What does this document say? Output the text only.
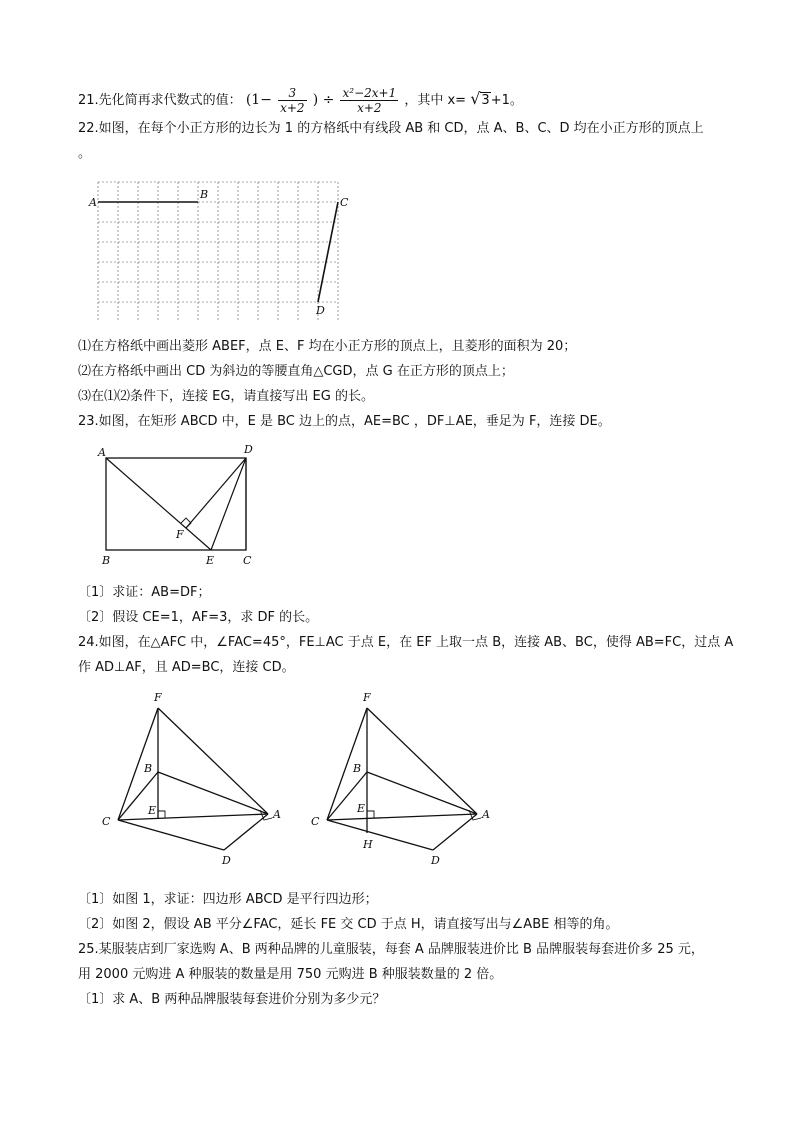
21.先化简再求代数式的值： ($1- \frac{3}{x+2}$ ) ÷ $\frac{\text{x²−2x+1}}{x+2}$ ，其中 x= √3+1。
22.如图，在每个小正方形的边长为 1 的方格纸中有线段 AB 和 CD，点 A、B、C、D 均在小正方形的顶点上
。
A
B
C
D
⑴在方格纸中画出菱形 ABEF，点 E、F 均在小正方形的顶点上，且菱形的面积为 20；
⑵在方格纸中画出 CD 为斜边的等腰直角△CGD，点 G 在正方形的顶点上；
⑶在⑴⑵条件下，连接 EG，请直接写出 EG 的长。
23.如图，在矩形 ABCD 中，E 是 BC 边上的点，AE=BC ，DF⊥AE，垂足为 F，连接 DE。
A	D
F
B	E	C
〔1〕求证：AB=DF；
〔2〕假设 CE=1，AF=3，求 DF 的长。
24.如图，在△AFC 中，∠FAC=45°，FE⊥AC 于点 E，在 EF 上取一点 B，连接 AB、BC，使得 AB=FC，过点 A
作 AD⊥AF，且 AD=BC，连接 CD。
F
B
E
C
A
D
F
B
E
C
A
H
D
〔1〕如图 1，求证：四边形 ABCD 是平行四边形；
〔2〕如图 2，假设 AB 平分∠FAC，延长 FE 交 CD 于点 H，请直接写出与∠ABE 相等的角。
25.某服装店到厂家选购 A、B 两种品牌的儿童服装，每套 A 品牌服装进价比 B 品牌服装每套进价多 25 元，
用 2000 元购进 A 种服装的数量是用 750 元购进 B 种服装数量的 2 倍。
〔1〕求 A、B 两种品牌服装每套进价分别为多少元？
